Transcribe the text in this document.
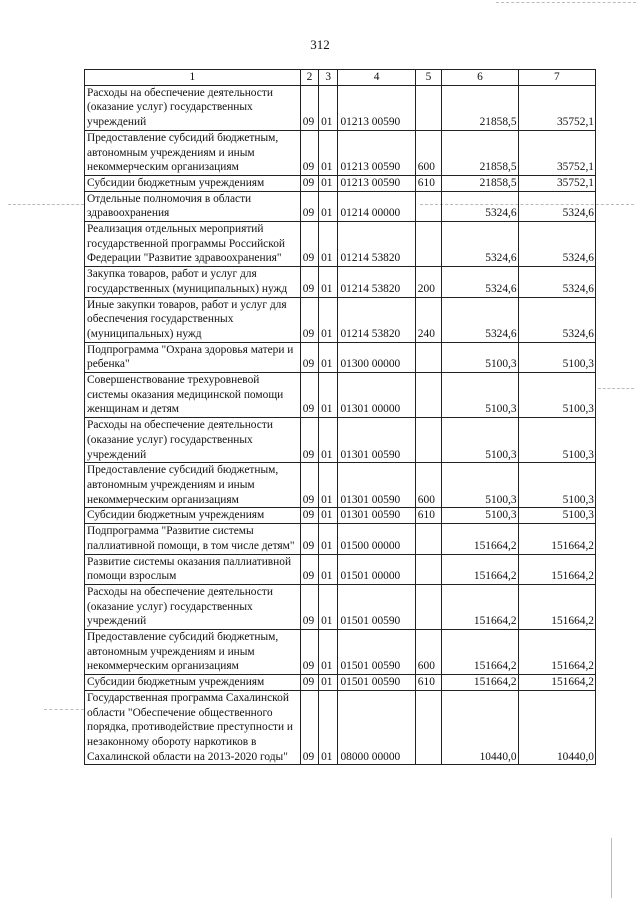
312
1	2	3	4	5	6	7
Расходы на обеспечение деятельности (оказание услуг) государственных учреждений	09	01	01213 00590		21858,5	35752,1
Предоставление субсидий бюджетным, автономным учреждениям и иным некоммерческим организациям	09	01	01213 00590	600	21858,5	35752,1
Субсидии бюджетным учреждениям	09	01	01213 00590	610	21858,5	35752,1
Отдельные полномочия в области здравоохранения	09	01	01214 00000		5324,6	5324,6
Реализация отдельных мероприятий государственной программы Российской Федерации "Развитие здравоохранения"	09	01	01214 53820		5324,6	5324,6
Закупка товаров, работ и услуг для государственных (муниципальных) нужд	09	01	01214 53820	200	5324,6	5324,6
Иные закупки товаров, работ и услуг для обеспечения государственных (муниципальных) нужд	09	01	01214 53820	240	5324,6	5324,6
Подпрограмма "Охрана здоровья матери и ребенка"	09	01	01300 00000		5100,3	5100,3
Совершенствование трехуровневой системы оказания медицинской помощи женщинам и детям	09	01	01301 00000		5100,3	5100,3
Расходы на обеспечение деятельности (оказание услуг) государственных учреждений	09	01	01301 00590		5100,3	5100,3
Предоставление субсидий бюджетным, автономным учреждениям и иным некоммерческим организациям	09	01	01301 00590	600	5100,3	5100,3
Субсидии бюджетным учреждениям	09	01	01301 00590	610	5100,3	5100,3
Подпрограмма "Развитие системы паллиативной помощи, в том числе детям"	09	01	01500 00000		151664,2	151664,2
Развитие системы оказания паллиативной помощи взрослым	09	01	01501 00000		151664,2	151664,2
Расходы на обеспечение деятельности (оказание услуг) государственных учреждений	09	01	01501 00590		151664,2	151664,2
Предоставление субсидий бюджетным, автономным учреждениям и иным некоммерческим организациям	09	01	01501 00590	600	151664,2	151664,2
Субсидии бюджетным учреждениям	09	01	01501 00590	610	151664,2	151664,2
Государственная программа Сахалинской области "Обеспечение общественного порядка, противодействие преступности и незаконному обороту наркотиков в Сахалинской области на 2013-2020 годы"	09	01	08000 00000		10440,0	10440,0
